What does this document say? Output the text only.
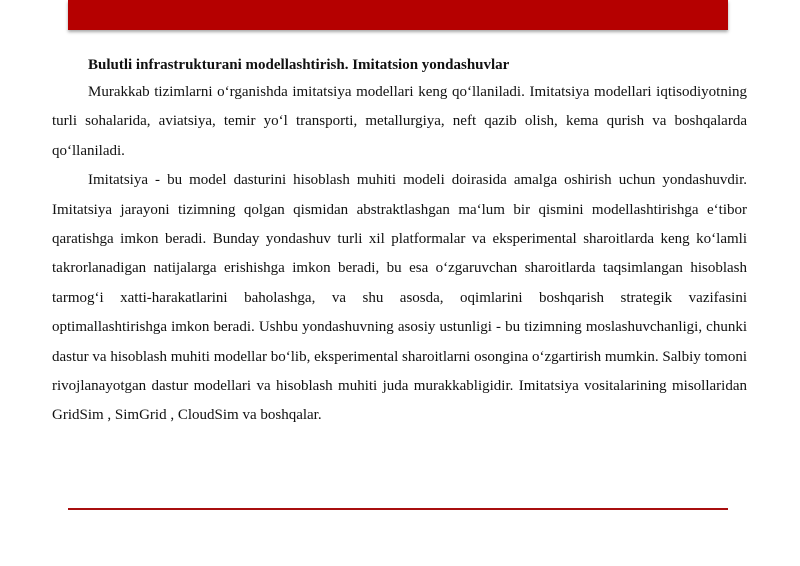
Bulutli infrastrukturani modellashtirish. Imitatsion yondashuvlar

Murakkab tizimlarni o‘rganishda imitatsiya modellari keng qo‘llaniladi. Imitatsiya modellari iqtisodiyotning turli sohalarida, aviatsiya, temir yo‘l transporti, metallurgiya, neft qazib olish, kema qurish va boshqalarda qo‘llaniladi.

Imitatsiya - bu model dasturini hisoblash muhiti modeli doirasida amalga oshirish uchun yondashuvdir. Imitatsiya jarayoni tizimning qolgan qismidan abstraktlashgan ma‘lum bir qismini modellashtirishga e‘tibor qaratishga imkon beradi. Bunday yondashuv turli xil platformalar va eksperimental sharoitlarda keng ko‘lamli takrorlanadigan natijalarga erishishga imkon beradi, bu esa o‘zgaruvchan sharoitlarda taqsimlangan hisoblash tarmog‘i xatti-harakatlarini baholashga, va shu asosda, oqimlarini boshqarish strategik vazifasini optimallashtirishga imkon beradi. Ushbu yondashuvning asosiy ustunligi - bu tizimning moslashuvchanligi, chunki dastur va hisoblash muhiti modellar bo‘lib, eksperimental sharoitlarni osongina o‘zgartirish mumkin. Salbiy tomoni rivojlanayotgan dastur modellari va hisoblash muhiti juda murakkabligidir. Imitatsiya vositalarining misollaridan GridSim , SimGrid , CloudSim va boshqalar.
